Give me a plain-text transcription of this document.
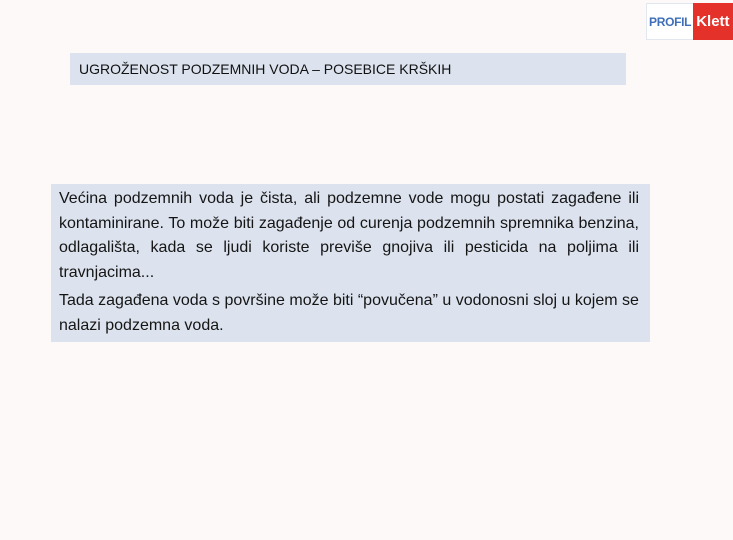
PROFIL Klett
UGROŽENOST PODZEMNIH VODA – POSEBICE KRŠKIH

Većina podzemnih voda je čista, ali podzemne vode mogu postati zagađene ili kontaminirane. To može biti zagađenje od curenja podzemnih spremnika benzina, odlagališta, kada se ljudi koriste previše gnojiva ili pesticida na poljima ili travnjacima...

Tada zagađena voda s površine može biti “povučena” u vodonosni sloj u kojem se nalazi podzemna voda.
